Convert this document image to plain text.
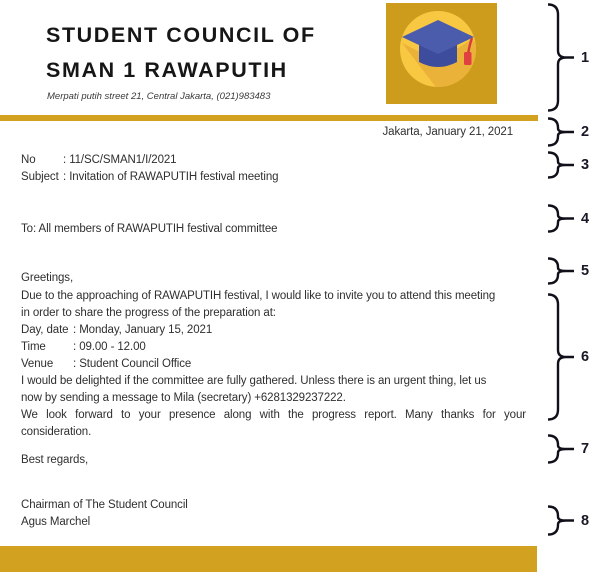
STUDENT COUNCIL OF
SMAN 1 RAWAPUTIH
Merpati putih street 21, Central Jakarta, (021)983483
Jakarta, January 21, 2021
No	: 11/SC/SMAN1/I/2021
Subject : Invitation of RAWAPUTIH festival meeting
To: All members of RAWAPUTIH festival committee
Greetings,
Due to the approaching of RAWAPUTIH festival, I would like to invite you to attend this meeting
in order to share the progress of the preparation at:
Day, date : Monday, January 15, 2021
Time	: 09.00 - 12.00
Venue	: Student Council Office
I would be delighted if the committee are fully gathered. Unless there is an urgent thing, let us
now by sending a message to Mila (secretary) +6281329237222.
We look forward to your presence along with the progress report. Many thanks for your
consideration.
Best regards,
Chairman of The Student Council
Agus Marchel
1
2
3
4
5
6
7
8
